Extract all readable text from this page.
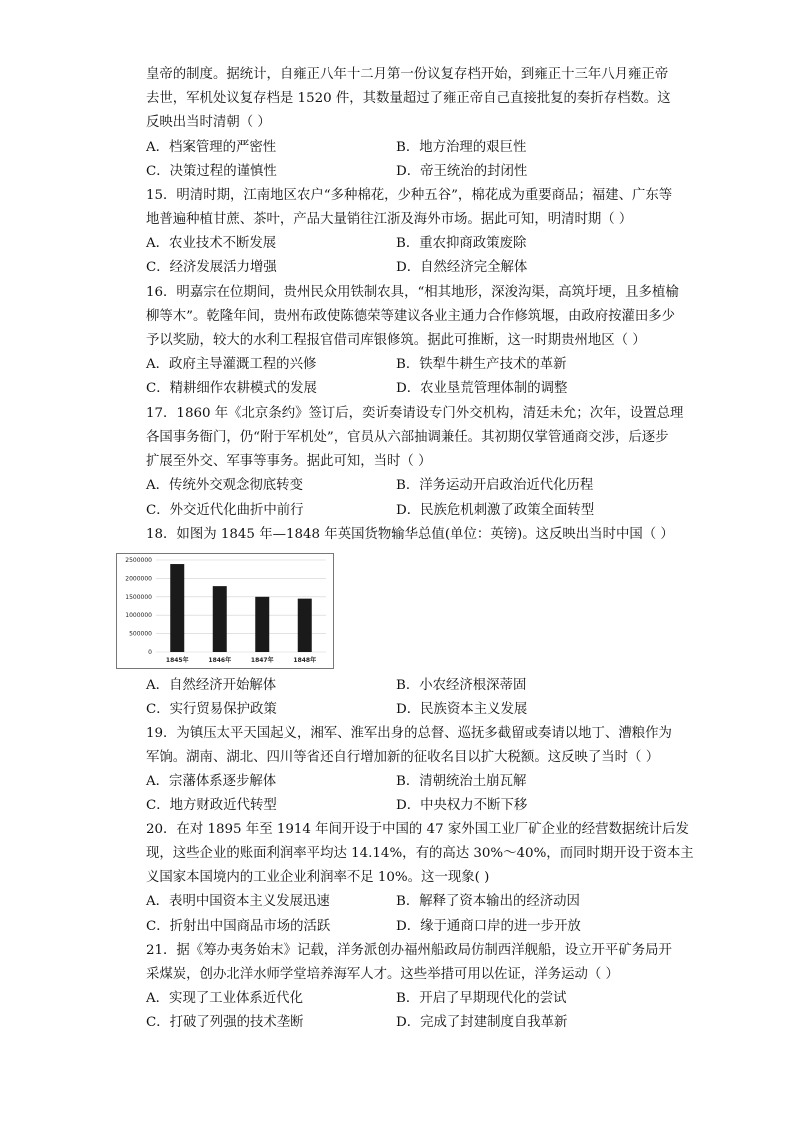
皇帝的制度。据统计，自雍正八年十二月第一份议复存档开始，到雍正十三年八月雍正帝
去世，军机处议复存档是 1520 件，其数量超过了雍正帝自己直接批复的奏折存档数。这
反映出当时清朝（ ）
A．档案管理的严密性	B．地方治理的艰巨性
C．决策过程的谨慎性	D．帝王统治的封闭性
15．明清时期，江南地区农户“多种棉花，少种五谷”，棉花成为重要商品；福建、广东等
地普遍种植甘蔗、茶叶，产品大量销往江浙及海外市场。据此可知，明清时期（ ）
A．农业技术不断发展	B．重农抑商政策废除
C．经济发展活力增强	D．自然经济完全解体
16．明嘉宗在位期间，贵州民众用铁制农具，“相其地形，深浚沟渠，高筑圩埂，且多植榆
柳等木”。乾隆年间，贵州布政使陈德荣等建议各业主通力合作修筑堰，由政府按灌田多少
予以奖励，较大的水利工程报官借司库银修筑。据此可推断，这一时期贵州地区（ ）
A．政府主导灌溉工程的兴修	B．铁犁牛耕生产技术的革新
C．精耕细作农耕模式的发展	D．农业垦荒管理体制的调整
17．1860 年《北京条约》签订后，奕䜣奏请设专门外交机构，清廷未允；次年，设置总理
各国事务衙门，仍“附于军机处”，官员从六部抽调兼任。其初期仅掌管通商交涉，后逐步
扩展至外交、军事等事务。据此可知，当时（ ）
A．传统外交观念彻底转变	B．洋务运动开启政治近代化历程
C．外交近代化曲折中前行	D．民族危机刺激了政策全面转型
18．如图为 1845 年—1848 年英国货物输华总值(单位：英镑)。这反映出当时中国（ ）
2500000
2000000
1500000
1000000
500000
0
1845年	1846年	1847年	1848年
A．自然经济开始解体	B．小农经济根深蒂固
C．实行贸易保护政策	D．民族资本主义发展
19．为镇压太平天国起义，湘军、淮军出身的总督、巡抚多截留或奏请以地丁、漕粮作为
军饷。湖南、湖北、四川等省还自行增加新的征收名目以扩大税额。这反映了当时（ ）
A．宗藩体系逐步解体	B．清朝统治土崩瓦解
C．地方财政近代转型	D．中央权力不断下移
20．在对 1895 年至 1914 年间开设于中国的 47 家外国工业厂矿企业的经营数据统计后发
现，这些企业的账面利润率平均达 14.14%，有的高达 30%～40%，而同时期开设于资本主
义国家本国境内的工业企业利润率不足 10%。这一现象( )
A．表明中国资本主义发展迅速	B．解释了资本输出的经济动因
C．折射出中国商品市场的活跃	D．缘于通商口岸的进一步开放
21．据《筹办夷务始末》记载，洋务派创办福州船政局仿制西洋舰船，设立开平矿务局开
采煤炭，创办北洋水师学堂培养海军人才。这些举措可用以佐证，洋务运动（ ）
A．实现了工业体系近代化	B．开启了早期现代化的尝试
C．打破了列强的技术垄断	D．完成了封建制度自我革新
